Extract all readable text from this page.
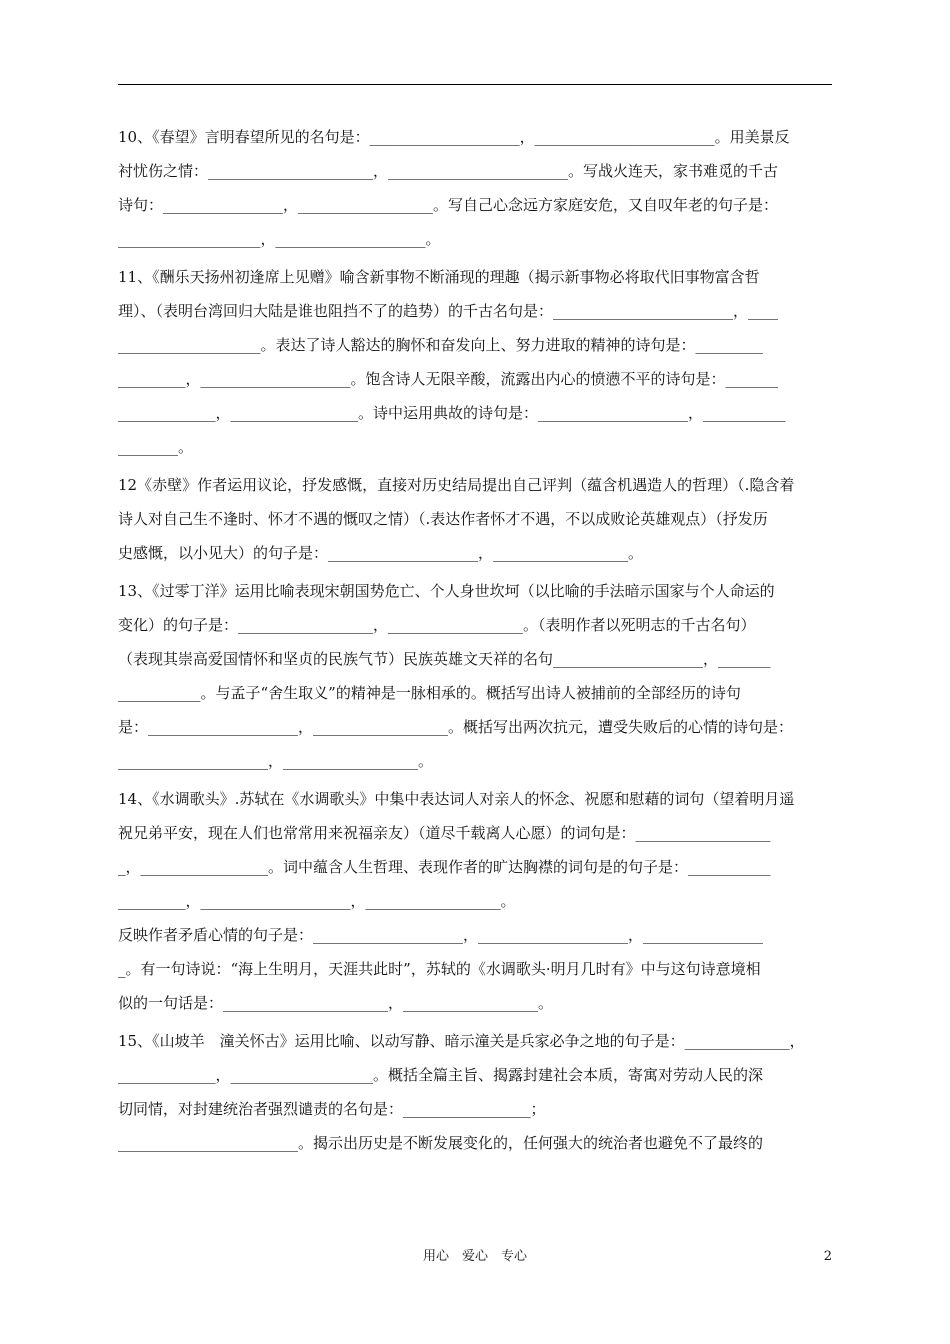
10、《春望》言明春望所见的名句是：____________________，________________________。用美景反
衬忧伤之情：______________________，________________________。写战火连天，家书难觅的千古
诗句：________________，__________________。写自己心念远方家庭安危，又自叹年老的句子是：
___________________，____________________。
11、《酬乐天扬州初逢席上见赠》喻含新事物不断涌现的理趣（揭示新事物必将取代旧事物富含哲
理）、（表明台湾回归大陆是谁也阻挡不了的趋势）的千古名句是：________________________，____
___________________。表达了诗人豁达的胸怀和奋发向上、努力进取的精神的诗句是：_________
_________，____________________。饱含诗人无限辛酸，流露出内心的愤懑不平的诗句是：_______
_____________，_________________。诗中运用典故的诗句是：____________________，___________
________。
12《赤壁》作者运用议论，抒发感慨，直接对历史结局提出自己评判（蕴含机遇造人的哲理）（.隐含着
诗人对自己生不逢时、怀才不遇的慨叹之情）（.表达作者怀才不遇，不以成败论英雄观点）（抒发历
史感慨，以小见大）的句子是：____________________，__________________。
13、《过零丁洋》运用比喻表现宋朝国势危亡、个人身世坎坷（以比喻的手法暗示国家与个人命运的
变化）的句子是：__________________，__________________。（表明作者以死明志的千古名句）
（表现其崇高爱国情怀和坚贞的民族气节）民族英雄文天祥的名句____________________，_______
___________。与孟子“舍生取义”的精神是一脉相承的。概括写出诗人被捕前的全部经历的诗句
是：____________________，__________________。概括写出两次抗元，遭受失败后的心情的诗句是：
____________________，__________________。
14、《水调歌头》.苏轼在《水调歌头》中集中表达词人对亲人的怀念、祝愿和慰藉的词句（望着明月遥
祝兄弟平安，现在人们也常常用来祝福亲友）（道尽千载离人心愿）的词句是：__________________
_，_________________。词中蕴含人生哲理、表现作者的旷达胸襟的词句是的句子是：___________
_________，____________________，__________________。
反映作者矛盾心情的句子是：____________________，____________________，________________
_。有一句诗说：“海上生明月，天涯共此时”，苏轼的《水调歌头·明月几时有》中与这句诗意境相
似的一句话是：______________________，__________________。
15、《山坡羊　潼关怀古》运用比喻、以动写静、暗示潼关是兵家必争之地的句子是：______________，
_____________，___________________。概括全篇主旨、揭露封建社会本质，寄寓对劳动人民的深
切同情，对封建统治者强烈谴责的名句是：_________________；
________________________。揭示出历史是不断发展变化的，任何强大的统治者也避免不了最终的
用心　爱心　专心	2
